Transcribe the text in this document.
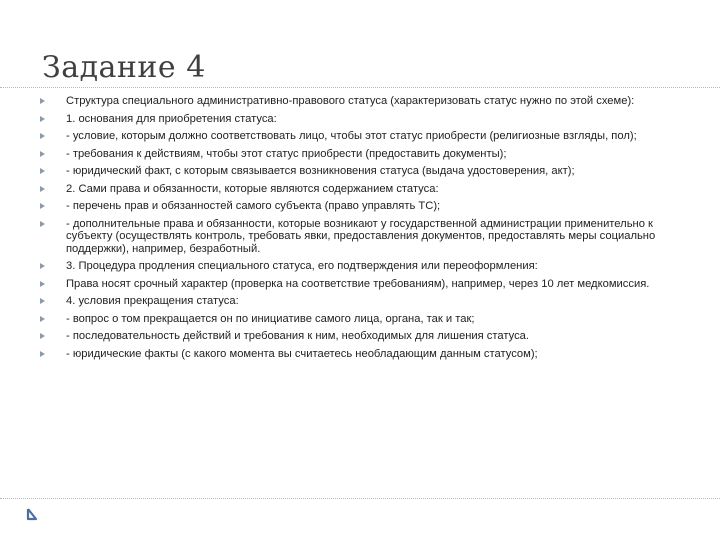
Задание 4
Структура специального административно-правового статуса (характеризовать статус нужно по этой схеме):
1. основания для приобретения статуса:
- условие, которым должно соответствовать лицо, чтобы этот статус приобрести (религиозные взгляды, пол);
- требования к действиям, чтобы этот статус приобрести (предоставить документы);
- юридический факт, с которым связывается возникновения статуса (выдача удостоверения, акт);
2. Сами права и обязанности, которые являются содержанием статуса:
- перечень прав и обязанностей самого субъекта (право управлять ТС);
- дополнительные права и обязанности, которые возникают у государственной администрации применительно к субъекту (осуществлять контроль, требовать явки, предоставления документов, предоставлять меры социально поддержки), например, безработный.
3. Процедура продления специального статуса, его подтверждения или переоформления:
Права носят срочный характер (проверка на соответствие требованиям), например, через 10 лет медкомиссия.
4. условия прекращения статуса:
- вопрос о том прекращается он по инициативе самого лица, органа, так и так;
- последовательность действий и требования к ним, необходимых для лишения статуса.
- юридические факты (с какого момента вы считаетесь необладающим данным статусом);
